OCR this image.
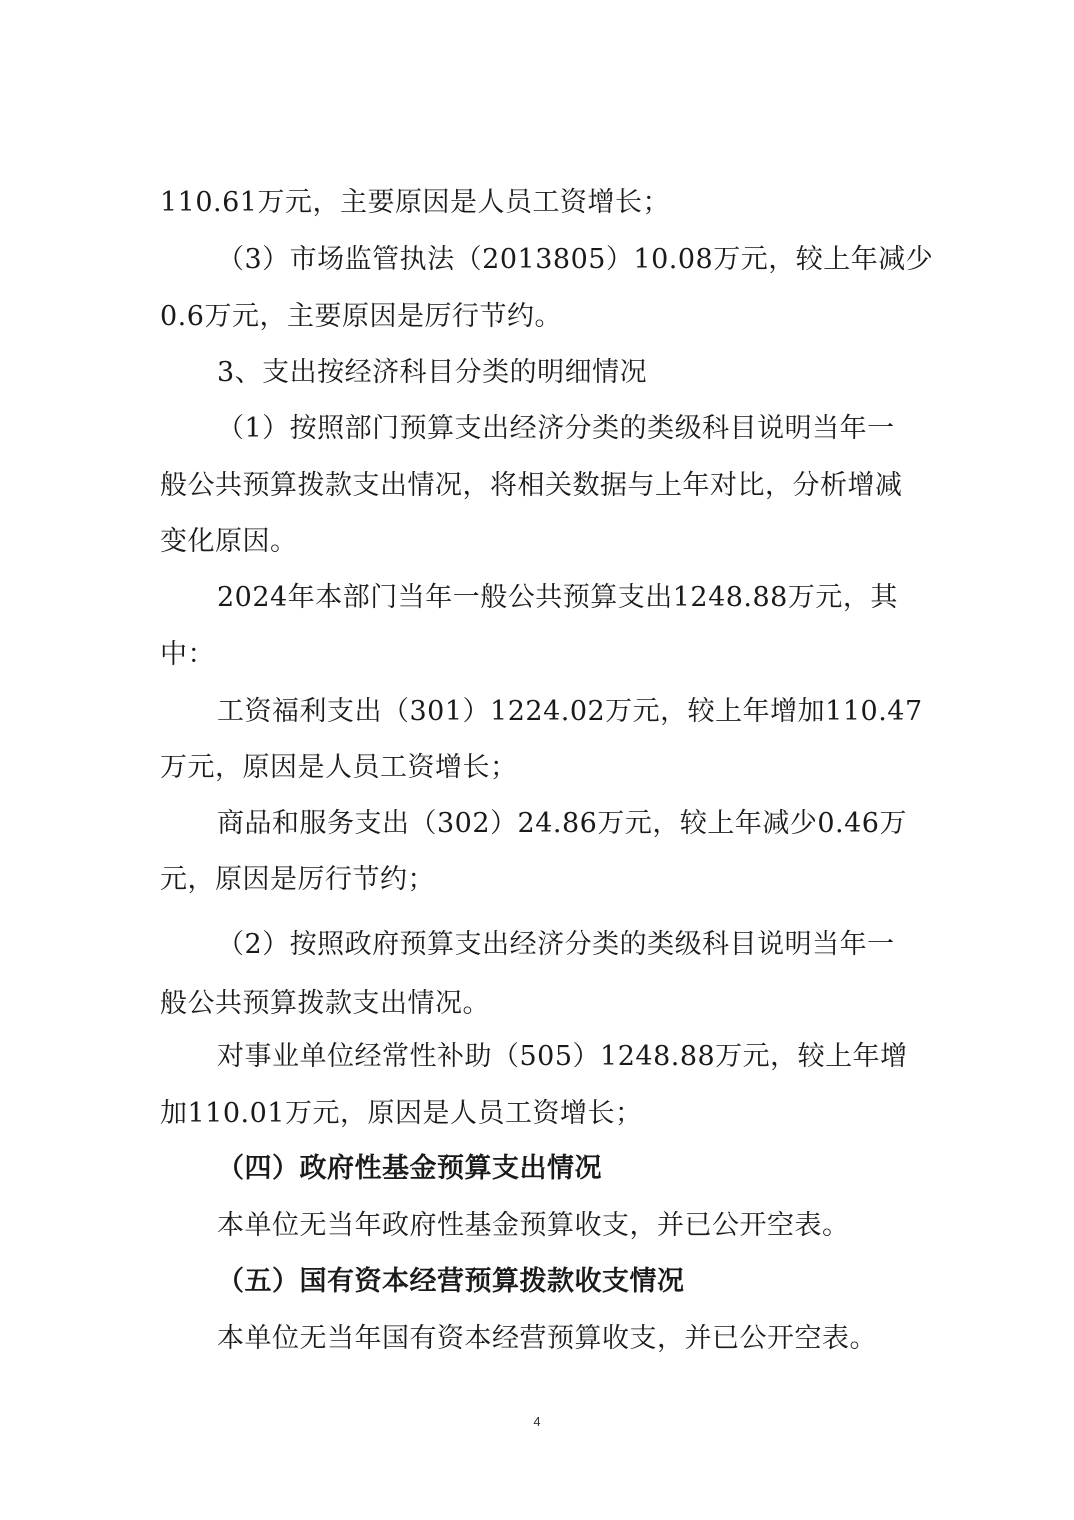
110.61万元，主要原因是人员工资增长；

（3）市场监管执法（2013805）10.08万元，较上年减少

0.6万元，主要原因是厉行节约。

3、支出按经济科目分类的明细情况

（1）按照部门预算支出经济分类的类级科目说明当年一

般公共预算拨款支出情况，将相关数据与上年对比，分析增减

变化原因。

2024年本部门当年一般公共预算支出1248.88万元，其

中：

工资福利支出（301）1224.02万元，较上年增加110.47

万元，原因是人员工资增长；

商品和服务支出（302）24.86万元，较上年减少0.46万

元，原因是厉行节约；

（2）按照政府预算支出经济分类的类级科目说明当年一

般公共预算拨款支出情况。

对事业单位经常性补助（505）1248.88万元，较上年增

加110.01万元，原因是人员工资增长；

（四）政府性基金预算支出情况

本单位无当年政府性基金预算收支，并已公开空表。

（五）国有资本经营预算拨款收支情况

本单位无当年国有资本经营预算收支，并已公开空表。

4
